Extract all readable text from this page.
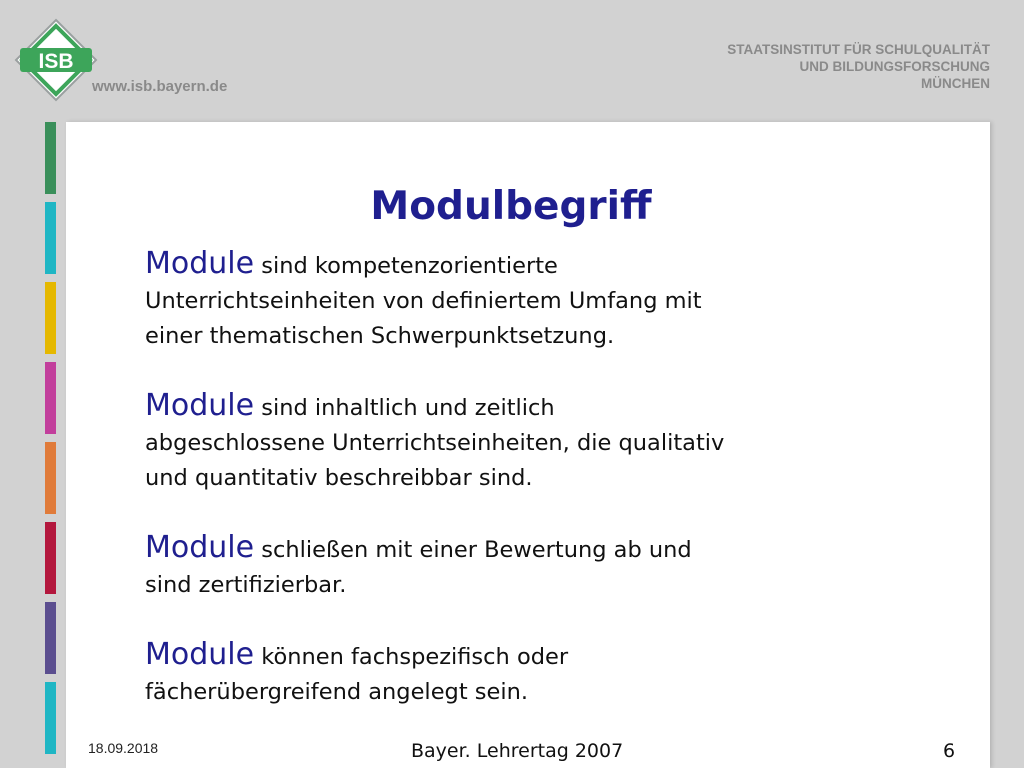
ISB
www.isb.bayern.de
STAATSINSTITUT FÜR SCHULQUALITÄT
UND BILDUNGSFORSCHUNG
MÜNCHEN
Modulbegriff

Module sind kompetenzorientierte
Unterrichtseinheiten von definiertem Umfang mit
einer thematischen Schwerpunktsetzung.

Module sind inhaltlich und zeitlich
abgeschlossene Unterrichtseinheiten, die qualitativ
und quantitativ beschreibbar sind.

Module schließen mit einer Bewertung ab und
sind zertifizierbar.

Module können fachspezifisch oder
fächerübergreifend angelegt sein.

18.09.2018	Bayer. Lehrertag 2007	6
